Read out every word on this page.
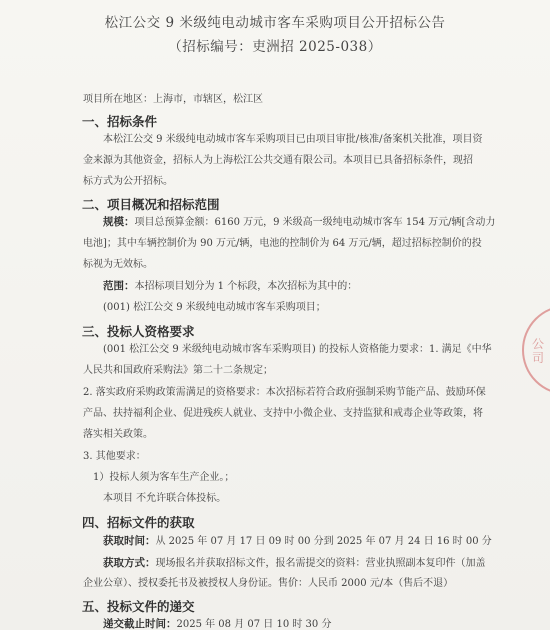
松江公交 9 米级纯电动城市客车采购项目公开招标公告
（招标编号：吏洲招 2025-038）
项目所在地区：上海市，市辖区，松江区
一、招标条件
本松江公交 9 米级纯电动城市客车采购项目已由项目审批/核准/备案机关批准，项目资
金来源为其他资金，招标人为上海松江公共交通有限公司。本项目已具备招标条件，现招
标方式为公开招标。
二、项目概况和招标范围
规模：项目总预算金额：6160 万元，9 米级高一级纯电动城市客车 154 万元/辆[含动力
电池]；其中车辆控制价为 90 万元/辆，电池的控制价为 64 万元/辆，超过招标控制价的投
标视为无效标。
范围：本招标项目划分为 1 个标段，本次招标为其中的：
(001) 松江公交 9 米级纯电动城市客车采购项目；
三、投标人资格要求
(001 松江公交 9 米级纯电动城市客车采购项目) 的投标人资格能力要求：1. 满足《中华
人民共和国政府采购法》第二十二条规定；
2. 落实政府采购政策需满足的资格要求：本次招标若符合政府强制采购节能产品、鼓励环保
产品、扶持福利企业、促进残疾人就业、支持中小微企业、支持监狱和戒毒企业等政策，将
落实相关政策。
3. 其他要求：
1）投标人须为客车生产企业。；
本项目 不允许联合体投标。
四、招标文件的获取
获取时间：从 2025 年 07 月 17 日 09 时 00 分到 2025 年 07 月 24 日 16 时 00 分
获取方式：现场报名并获取招标文件，报名需提交的资料：营业执照副本复印件（加盖
企业公章）、授权委托书及被授权人身份证。售价：人民币 2000 元/本（售后不退）
五、投标文件的递交
递交截止时间：2025 年 08 月 07 日 10 时 30 分
公司
